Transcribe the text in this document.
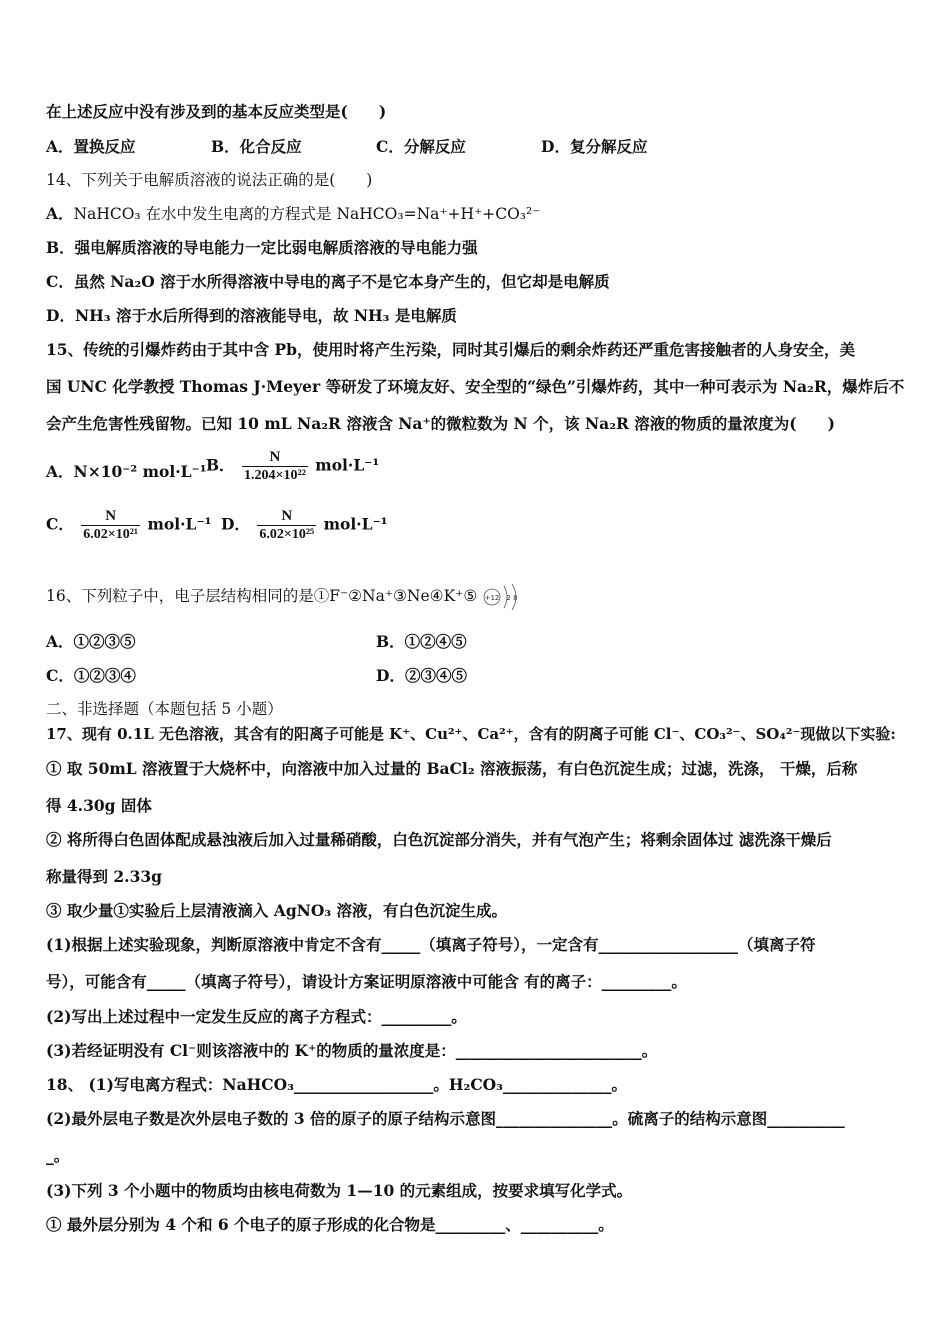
在上述反应中没有涉及到的基本反应类型是(　　)
A．置换反应	B．化合反应	C．分解反应	D．复分解反应
14、下列关于电解质溶液的说法正确的是(　　)
A．NaHCO₃ 在水中发生电离的方程式是 NaHCO₃=Na⁺+H⁺+CO₃²⁻
B．强电解质溶液的导电能力一定比弱电解质溶液的导电能力强
C．虽然 Na₂O 溶于水所得溶液中导电的离子不是它本身产生的，但它却是电解质
D．NH₃ 溶于水后所得到的溶液能导电，故 NH₃ 是电解质
15、传统的引爆炸药由于其中含 Pb，使用时将产生污染，同时其引爆后的剩余炸药还严重危害接触者的人身安全，美
国 UNC 化学教授 Thomas J·Meyer 等研发了环境友好、安全型的“绿色”引爆炸药，其中一种可表示为 Na₂R，爆炸后不
会产生危害性残留物。已知 10 mL Na₂R 溶液含 Na⁺的微粒数为 N 个，该 Na₂R 溶液的物质的量浓度为(　　)
A．N×10⁻² mol·L⁻¹ B． $\frac{N}{\text{1.204×10²²}} mol\cdot L^{-1}$
C． $\frac{N}{\text{6.02×10²¹}} mol\cdot L^{-1}$ D． $\frac{N}{\text{6.02×10²⁵}} mol\cdot L^{-1}$
16、下列粒子中，电子层结构相同的是①F⁻②Na⁺③Ne④K⁺⑤ +12 2 8
A．①②③⑤	B．①②④⑤
C．①②③④	D．②③④⑤
二、非选择题（本题包括 5 小题）
17、现有 0.1L 无色溶液，其含有的阳离子可能是 K⁺、Cu²⁺、Ca²⁺，含有的阴离子可能 Cl⁻、CO₃²⁻、SO₄²⁻现做以下实验:
① 取 50mL 溶液置于大烧杯中，向溶液中加入过量的 BaCl₂ 溶液振荡，有白色沉淀生成；过滤，洗涤， 干燥，后称
得 4.30g 固体
② 将所得白色固体配成悬浊液后加入过量稀硝酸，白色沉淀部分消失，并有气泡产生；将剩余固体过 滤洗涤干燥后
称量得到 2.33g
③ 取少量①实验后上层清液滴入 AgNO₃ 溶液，有白色沉淀生成。
(1)根据上述实验现象，判断原溶液中肯定不含有_____（填离子符号），一定含有__________________（填离子符
号），可能含有_____（填离子符号），请设计方案证明原溶液中可能含 有的离子：_________。
(2)写出上述过程中一定发生反应的离子方程式：_________。
(3)若经证明没有 Cl⁻则该溶液中的 K⁺的物质的量浓度是：________________________。
18、 (1)写电离方程式：NaHCO₃__________________。H₂CO₃______________。
(2)最外层电子数是次外层电子数的 3 倍的原子的原子结构示意图_______________。硫离子的结构示意图__________
_。
(3)下列 3 个小题中的物质均由核电荷数为 1—10 的元素组成，按要求填写化学式。
① 最外层分别为 4 个和 6 个电子的原子形成的化合物是_________、__________。
